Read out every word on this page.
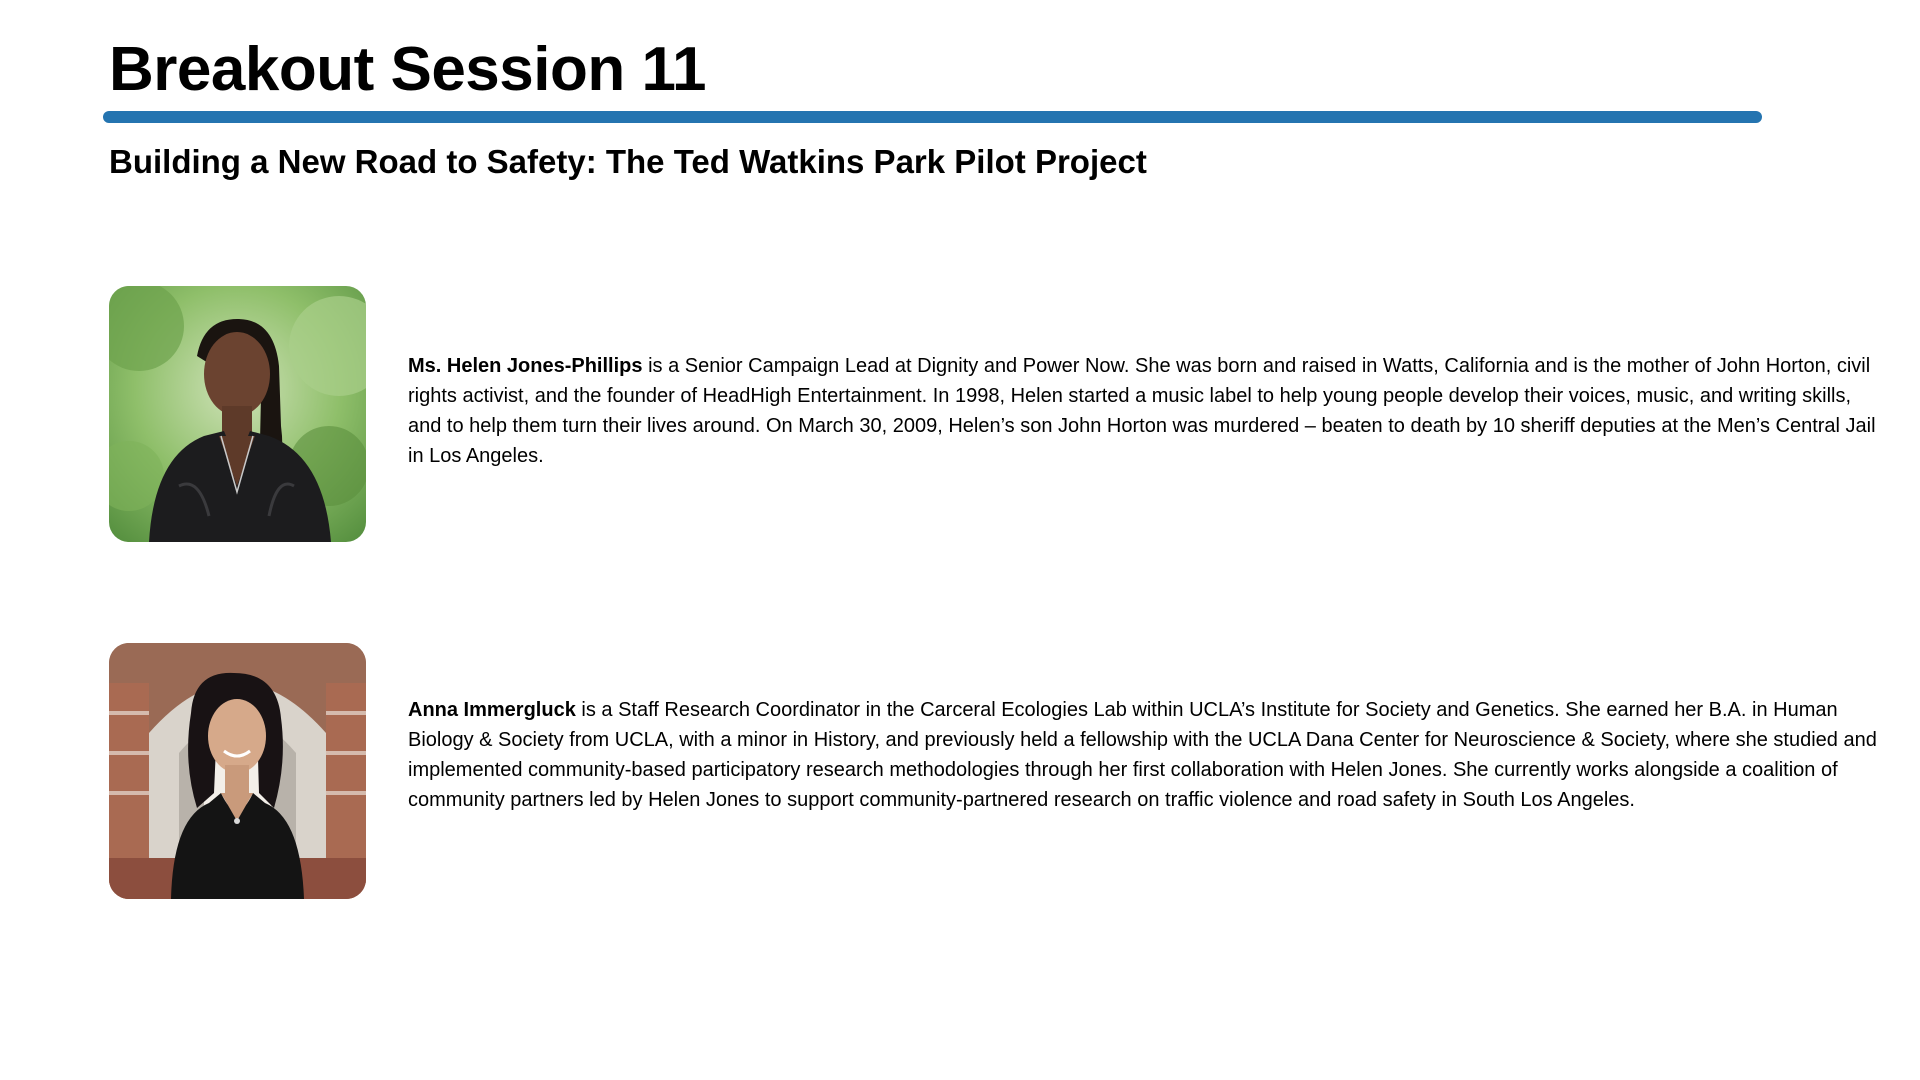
Breakout Session 11
Building a New Road to Safety: The Ted Watkins Park Pilot Project

Ms. Helen Jones-Phillips is a Senior Campaign Lead at Dignity and Power Now. She was born and raised in Watts, California and is the mother of John Horton, civil rights activist, and the founder of HeadHigh Entertainment. In 1998, Helen started a music label to help young people develop their voices, music, and writing skills, and to help them turn their lives around. On March 30, 2009, Helen’s son John Horton was murdered – beaten to death by 10 sheriff deputies at the Men’s Central Jail in Los Angeles.

Anna Immergluck is a Staff Research Coordinator in the Carceral Ecologies Lab within UCLA’s Institute for Society and Genetics. She earned her B.A. in Human Biology & Society from UCLA, with a minor in History, and previously held a fellowship with the UCLA Dana Center for Neuroscience & Society, where she studied and implemented community-based participatory research methodologies through her first collaboration with Helen Jones. She currently works alongside a coalition of community partners led by Helen Jones to support community-partnered research on traffic violence and road safety in South Los Angeles.
